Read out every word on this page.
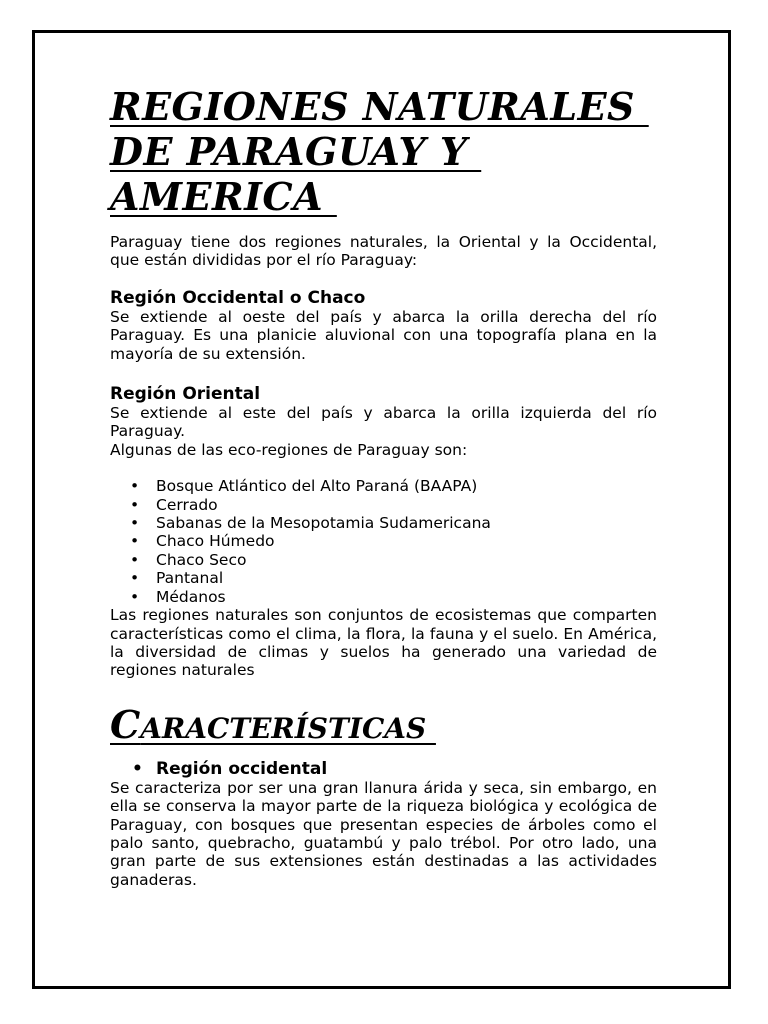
REGIONES NATURALES
DE PARAGUAY Y
AMERICA

Paraguay tiene dos regiones naturales, la Oriental y la Occidental, que están divididas por el río Paraguay:

Región Occidental o Chaco

Se extiende al oeste del país y abarca la orilla derecha del río Paraguay. Es una planicie aluvional con una topografía plana en la mayoría de su extensión.

Región Oriental

Se extiende al este del país y abarca la orilla izquierda del río Paraguay.

Algunas de las eco-regiones de Paraguay son:

• Bosque Atlántico del Alto Paraná (BAAPA)
• Cerrado
• Sabanas de la Mesopotamia Sudamericana
• Chaco Húmedo
• Chaco Seco
• Pantanal
• Médanos

Las regiones naturales son conjuntos de ecosistemas que comparten características como el clima, la flora, la fauna y el suelo. En América, la diversidad de climas y suelos ha generado una variedad de regiones naturales

CARACTERÍSTICAS
• Región occidental

Se caracteriza por ser una gran llanura árida y seca, sin embargo, en ella se conserva la mayor parte de la riqueza biológica y ecológica de Paraguay, con bosques que presentan especies de árboles como el palo santo, quebracho, guatambú y palo trébol. Por otro lado, una gran parte de sus extensiones están destinadas a las actividades ganaderas.
